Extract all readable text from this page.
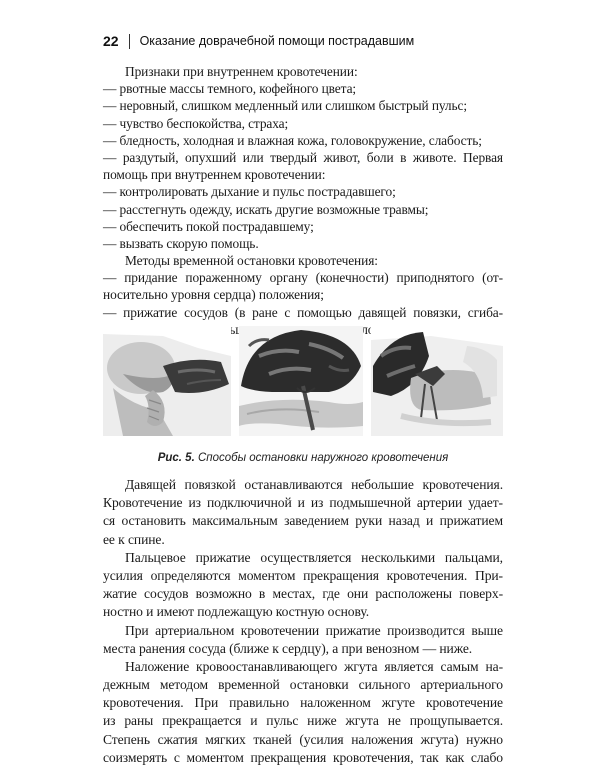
22 Оказание доврачебной помощи пострадавшим
Признаки при внутреннем кровотечении:
— рвотные массы темного, кофейного цвета;
— неровный, слишком медленный или слишком быстрый пульс;
— чувство беспокойства, страха;
— бледность, холодная и влажная кожа, головокружение, слабость;
— раздутый, опухший или твердый живот, боли в животе. Первая
помощь при внутреннем кровотечении:
— контролировать дыхание и пульс пострадавшего;
— расстегнуть одежду, искать другие возможные травмы;
— обеспечить покой пострадавшему;
— вызвать скорую помощь.
Методы временной остановки кровотечения:
— придание пораженному органу (конечности) приподнятого (от-
носительно уровня сердца) положения;
— прижатие сосудов (в ране с помощью давящей повязки, сгиба-
Рис. 5. Способы остановки наружного кровотечения
Давящей повязкой останавливаются небольшие кровотечения.
Кровотечение из подключичной и из подмышечной артерии удает-
ся остановить максимальным заведением руки назад и прижатием
ее к спине.
Пальцевое прижатие осуществляется несколькими пальцами,
усилия определяются моментом прекращения кровотечения. При-
жатие сосудов возможно в местах, где они расположены поверх-
ностно и имеют подлежащую костную основу.
При артериальном кровотечении прижатие производится выше
места ранения сосуда (ближе к сердцу), а при венозном — ниже.
Наложение кровоостанавливающего жгута является самым на-
дежным методом временной остановки сильного артериального
кровотечения. При правильно наложенном жгуте кровотечение
из раны прекращается и пульс ниже жгута не прощупывается.
Степень сжатия мягких тканей (усилия наложения жгута) нужно
соизмерять с моментом прекращения кровотечения, так как слабо
